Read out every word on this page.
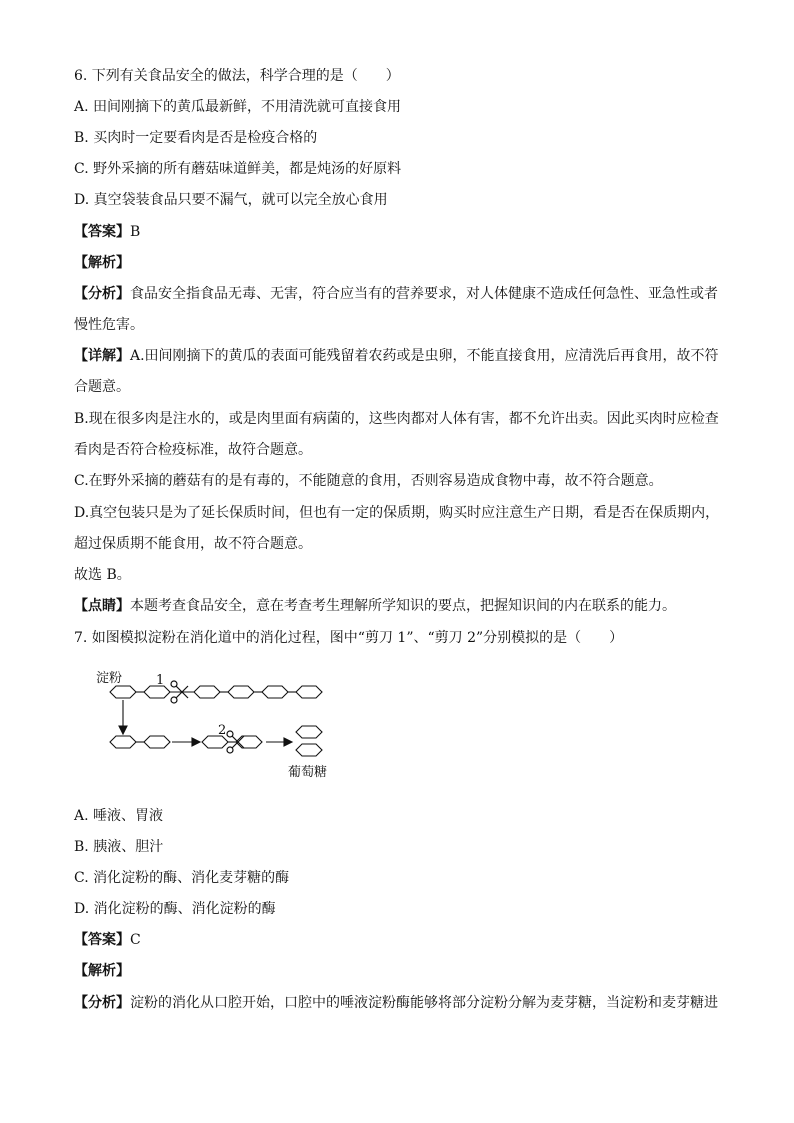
6. 下列有关食品安全的做法，科学合理的是（　　）
A. 田间刚摘下的黄瓜最新鲜，不用清洗就可直接食用
B. 买肉时一定要看肉是否是检疫合格的
C. 野外采摘的所有蘑菇味道鲜美，都是炖汤的好原料
D. 真空袋装食品只要不漏气，就可以完全放心食用
【答案】B
【解析】
【分析】食品安全指食品无毒、无害，符合应当有的营养要求，对人体健康不造成任何急性、亚急性或者
慢性危害。
【详解】A.田间刚摘下的黄瓜的表面可能残留着农药或是虫卵，不能直接食用，应清洗后再食用，故不符
合题意。
B.现在很多肉是注水的，或是肉里面有病菌的，这些肉都对人体有害，都不允许出卖。因此买肉时应检查
看肉是否符合检疫标准，故符合题意。
C.在野外采摘的蘑菇有的是有毒的，不能随意的食用，否则容易造成食物中毒，故不符合题意。
D.真空包装只是为了延长保质时间，但也有一定的保质期，购买时应注意生产日期，看是否在保质期内，
超过保质期不能食用，故不符合题意。
故选 B。
【点睛】本题考查食品安全，意在考查考生理解所学知识的要点，把握知识间的内在联系的能力。
7. 如图模拟淀粉在消化道中的消化过程，图中“剪刀 1”、“剪刀 2”分别模拟的是（　　）
淀粉	1
2
葡萄糖
A. 唾液、胃液
B. 胰液、胆汁
C. 消化淀粉的酶、消化麦芽糖的酶
D. 消化淀粉的酶、消化淀粉的酶
【答案】C
【解析】
【分析】淀粉的消化从口腔开始，口腔中的唾液淀粉酶能够将部分淀粉分解为麦芽糖，当淀粉和麦芽糖进
